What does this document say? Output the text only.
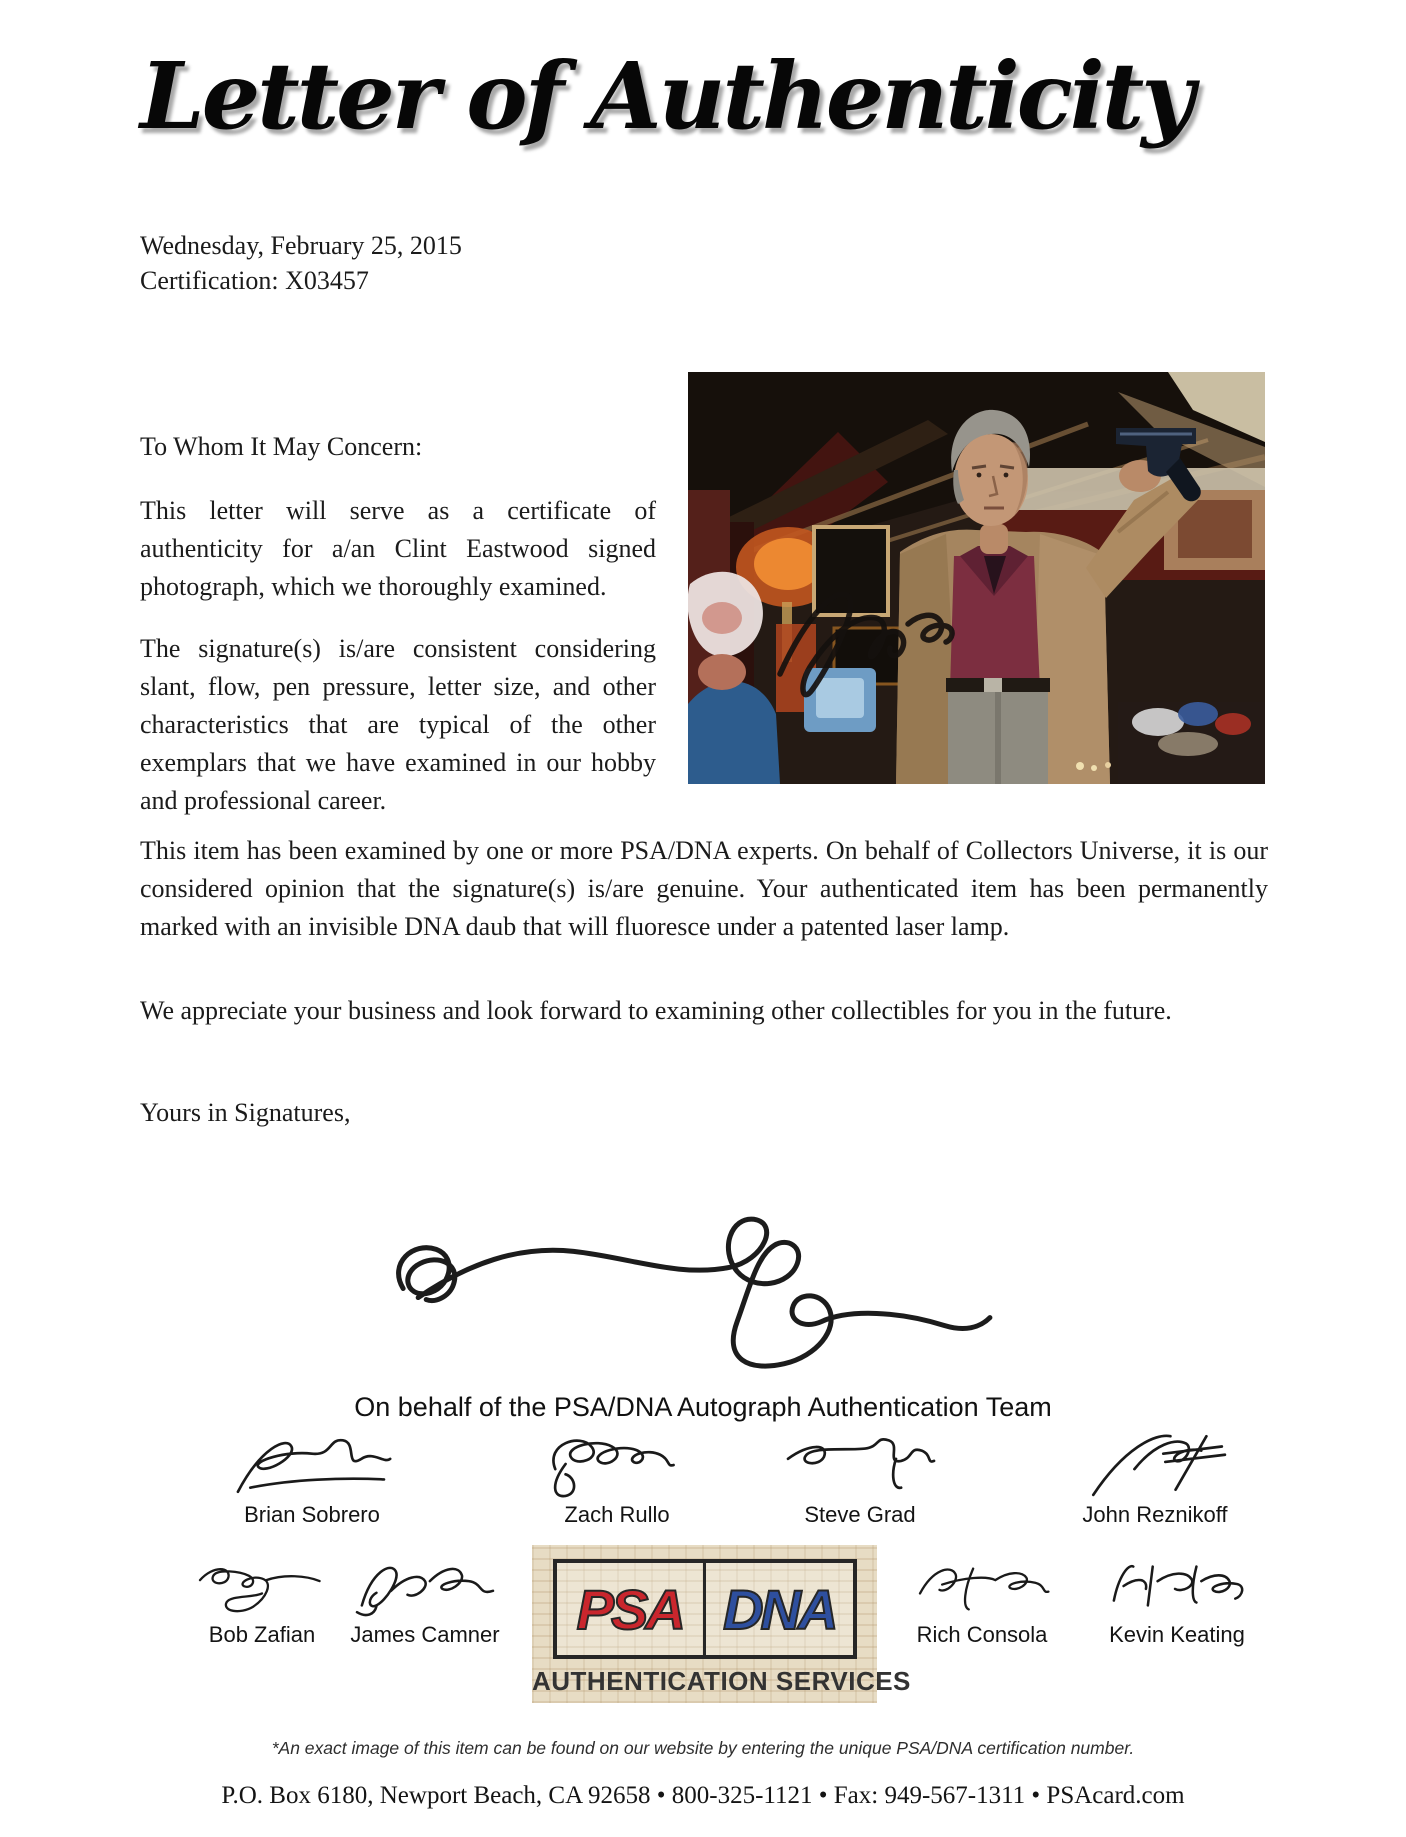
Letter of Authenticity
Wednesday, February 25, 2015
Certification: X03457
To Whom It May Concern:
This letter will serve as a certificate of authenticity for a/an Clint Eastwood signed photograph, which we thoroughly examined.
The signature(s) is/are consistent considering slant, flow, pen pressure, letter size, and other characteristics that are typical of the other exemplars that we have examined in our hobby and professional career.
This item has been examined by one or more PSA/DNA experts. On behalf of Collectors Universe, it is our considered opinion that the signature(s) is/are genuine. Your authenticated item has been permanently marked with an invisible DNA daub that will fluoresce under a patented laser lamp.
We appreciate your business and look forward to examining other collectibles for you in the future.
Yours in Signatures,
On behalf of the PSA/DNA Autograph Authentication Team
Brian Sobrero	Zach Rullo	Steve Grad	John Reznikoff
Bob Zafian	James Camner	Rich Consola	Kevin Keating
PSA DNA
AUTHENTICATION SERVICES
*An exact image of this item can be found on our website by entering the unique PSA/DNA certification number.
P.O. Box 6180, Newport Beach, CA 92658 • 800-325-1121 • Fax: 949-567-1311 • PSAcard.com
